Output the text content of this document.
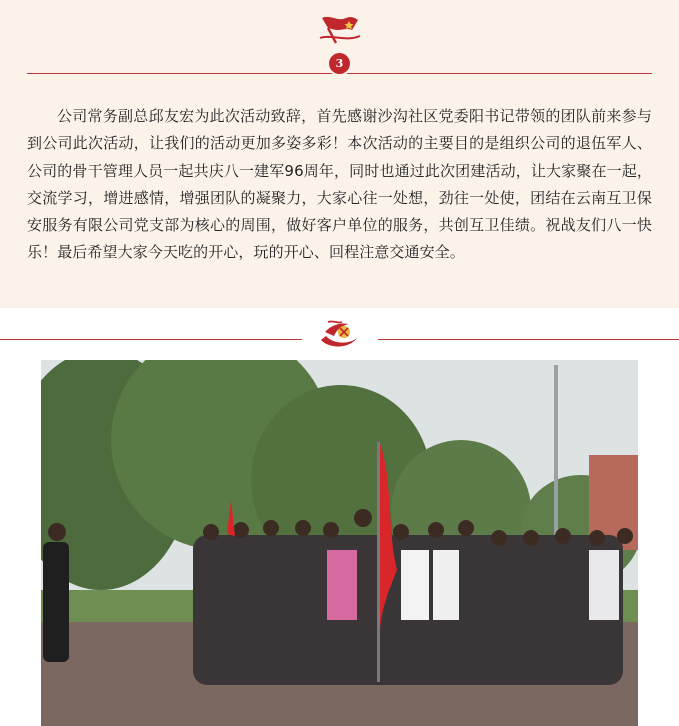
3

公司常务副总邱友宏为此次活动致辞，首先感谢沙沟社区党委阳书记带领的团队前来参与到公司此次活动，让我们的活动更加多姿多彩！本次活动的主要目的是组织公司的退伍军人、公司的骨干管理人员一起共庆八一建军96周年，同时也通过此次团建活动，让大家聚在一起，交流学习，增进感情，增强团队的凝聚力，大家心往一处想，劲往一处使，团结在云南互卫保安服务有限公司党支部为核心的周围，做好客户单位的服务，共创互卫佳绩。祝战友们八一快乐！最后希望大家今天吃的开心，玩的开心、回程注意交通安全。
